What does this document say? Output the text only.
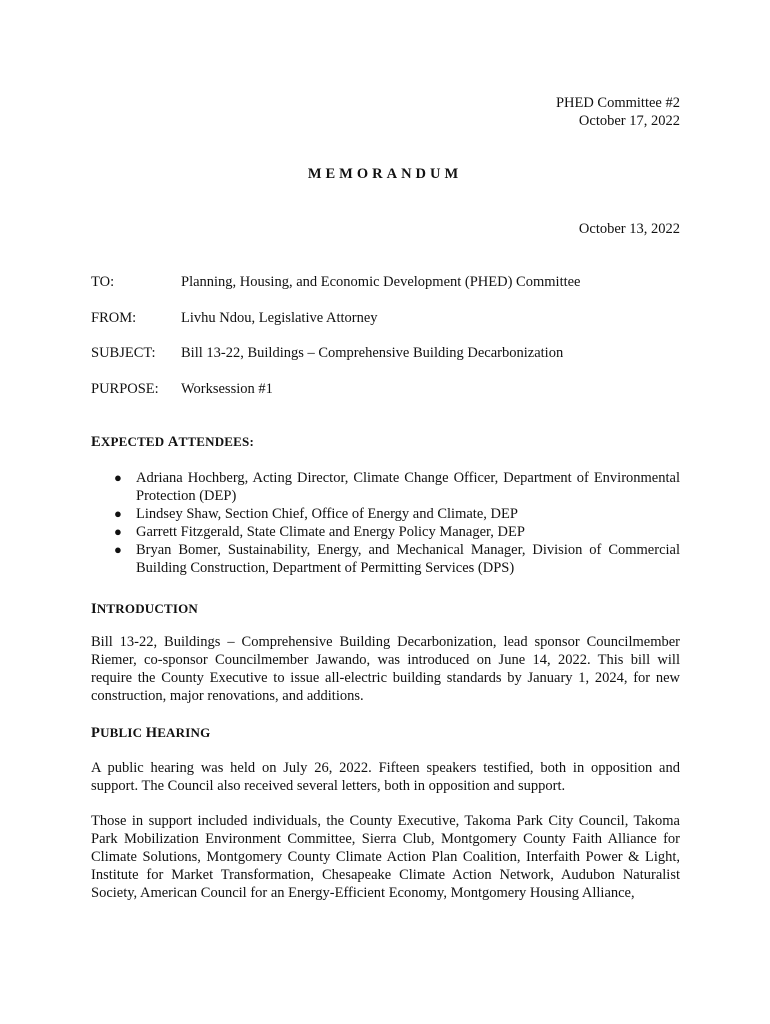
PHED Committee #2
October 17, 2022
MEMORANDUM
October 13, 2022
TO:	Planning, Housing, and Economic Development (PHED) Committee
FROM:	Livhu Ndou, Legislative Attorney
SUBJECT: Bill 13-22, Buildings – Comprehensive Building Decarbonization
PURPOSE: Worksession #1
EXPECTED ATTENDEES:
● Adriana Hochberg, Acting Director, Climate Change Officer, Department of Environmental Protection (DEP)
● Lindsey Shaw, Section Chief, Office of Energy and Climate, DEP
● Garrett Fitzgerald, State Climate and Energy Policy Manager, DEP
● Bryan Bomer, Sustainability, Energy, and Mechanical Manager, Division of Commercial Building Construction, Department of Permitting Services (DPS)
INTRODUCTION
Bill 13-22, Buildings – Comprehensive Building Decarbonization, lead sponsor Councilmember Riemer, co-sponsor Councilmember Jawando, was introduced on June 14, 2022. This bill will require the County Executive to issue all-electric building standards by January 1, 2024, for new construction, major renovations, and additions.
PUBLIC HEARING
A public hearing was held on July 26, 2022. Fifteen speakers testified, both in opposition and support. The Council also received several letters, both in opposition and support.
Those in support included individuals, the County Executive, Takoma Park City Council, Takoma Park Mobilization Environment Committee, Sierra Club, Montgomery County Faith Alliance for Climate Solutions, Montgomery County Climate Action Plan Coalition, Interfaith Power & Light, Institute for Market Transformation, Chesapeake Climate Action Network, Audubon Naturalist Society, American Council for an Energy-Efficient Economy, Montgomery Housing Alliance,
